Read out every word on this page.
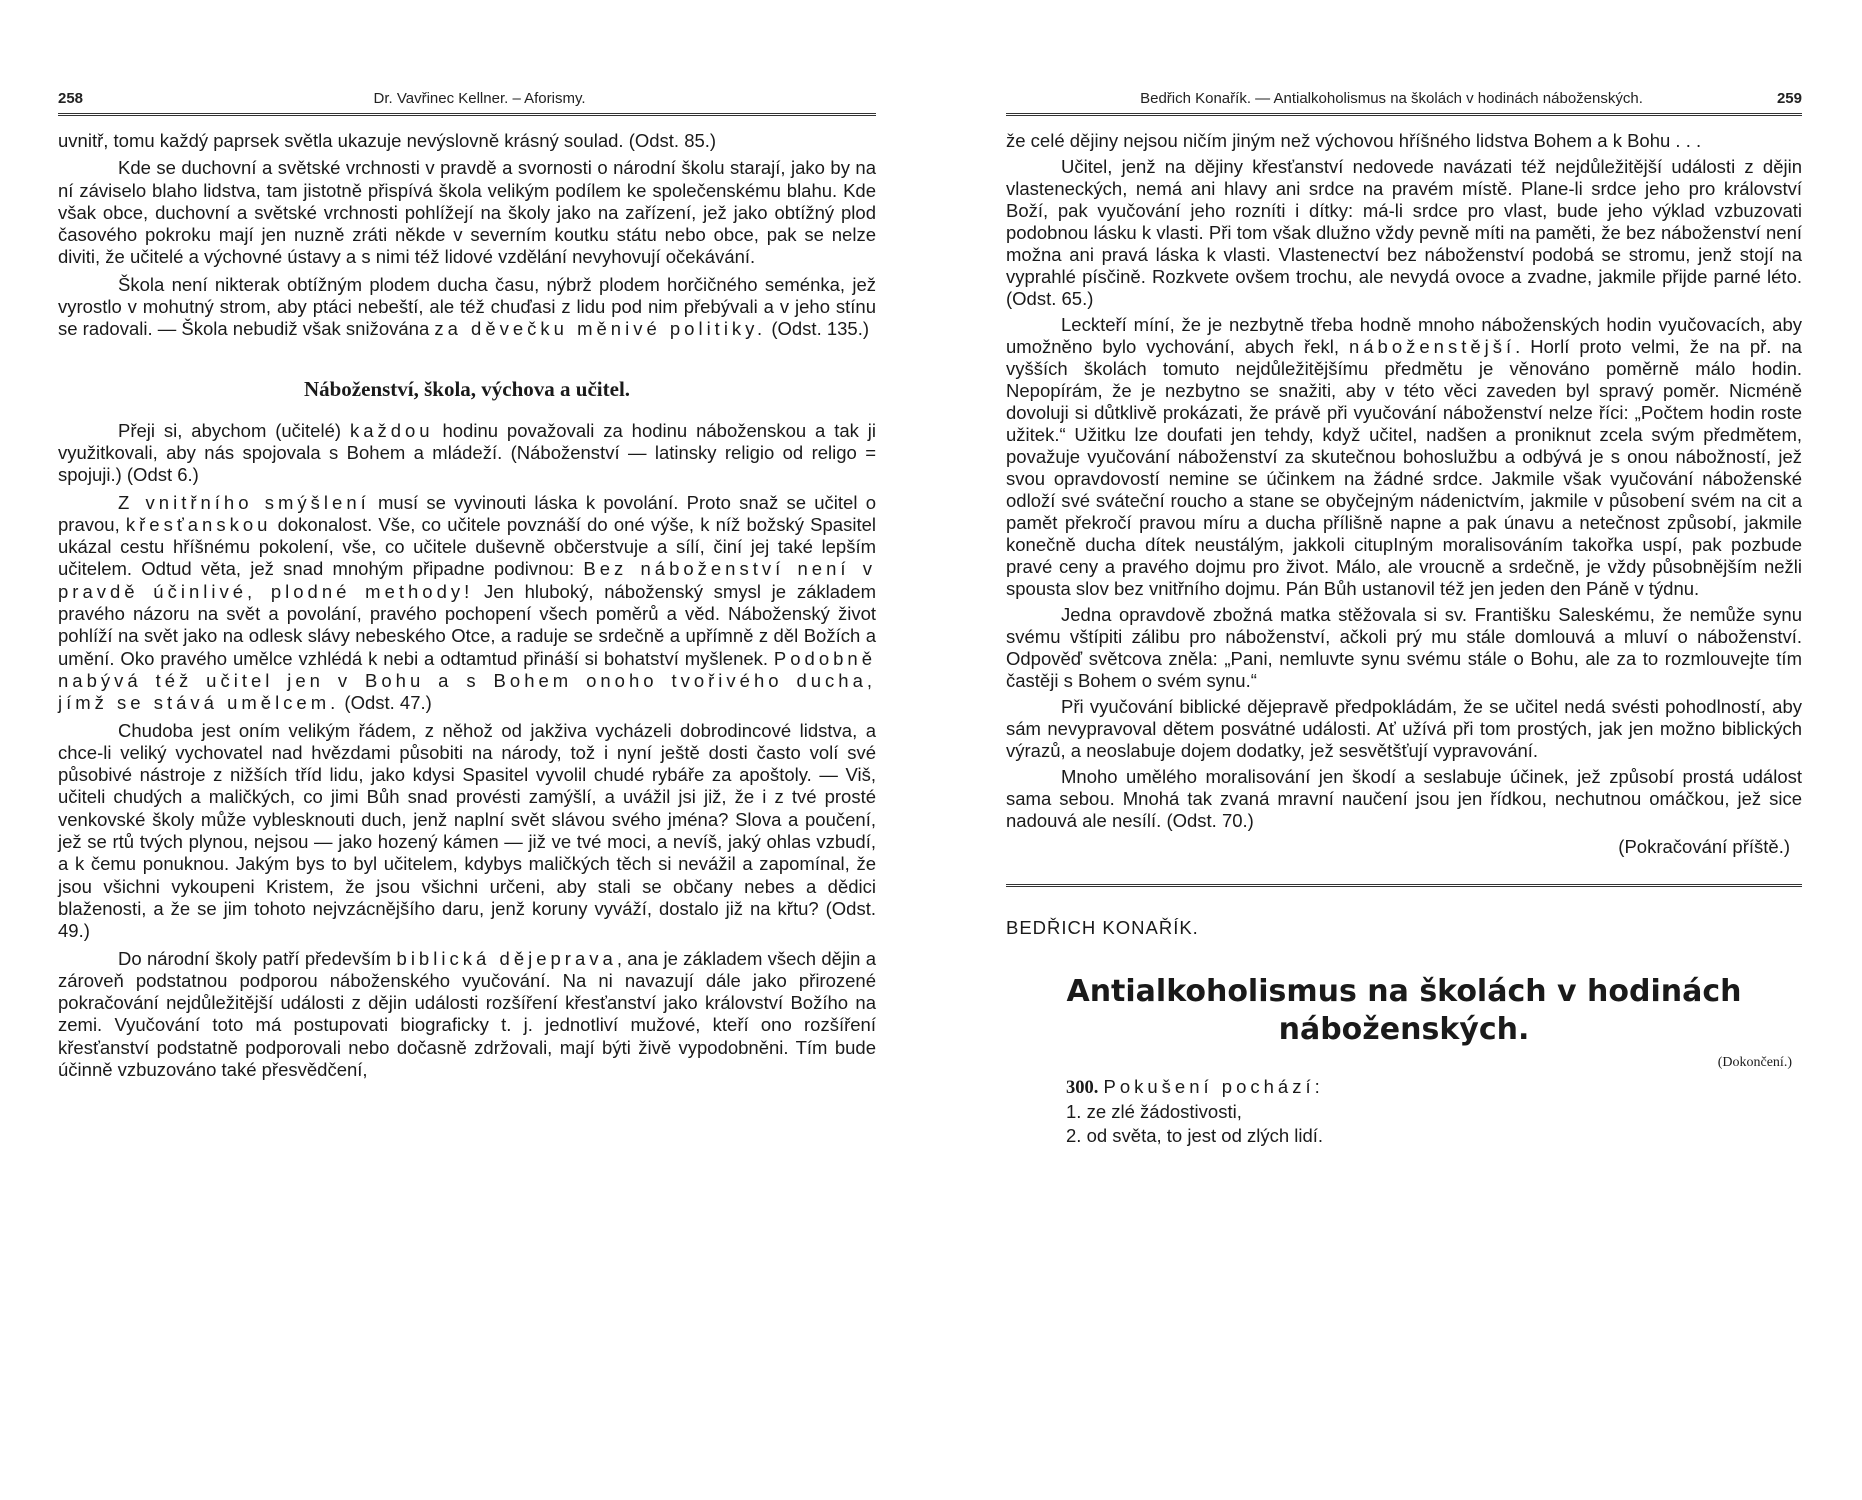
258	Dr. Vavřinec Kellner. – Aforismy.

uvnitř, tomu každý paprsek světla ukazuje nevýslovně krásný soulad. (Odst. 85.)

Kde se duchovní a světské vrchnosti v pravdě a svornosti o národní školu starají, jako by na ní záviselo blaho lidstva, tam jistotně přispívá škola velikým podílem ke společenskému blahu. Kde však obce, duchovní a světské vrchnosti pohlížejí na školy jako na zařízení, jež jako obtížný plod časového pokroku mají jen nuzně zráti někde v severním koutku státu nebo obce, pak se nelze diviti, že učitelé a výchovné ústavy a s nimi též lidové vzdělání nevyhovují očekávání.

Škola není nikterak obtížným plodem ducha času, nýbrž plodem horčičného seménka, jež vyrostlo v mohutný strom, aby ptáci nebeští, ale též chuďasi z lidu pod nim přebývali a v jeho stínu se radovali. — Škola nebudiž však snižována za děvečku měnivé politiky. (Odst. 135.)

Náboženství, škola, výchova a učitel.

Přeji si, abychom (učitelé) každou hodinu považovali za hodinu náboženskou a tak ji využitkovali, aby nás spojovala s Bohem a mládeží. (Náboženství — latinsky religio od religo = spojuji.) (Odst 6.)

Z vnitřního smýšlení musí se vyvinouti láska k povolání. Proto snaž se učitel o pravou, křesťanskou dokonalost. Vše, co učitele povznáší do oné výše, k níž božský Spasitel ukázal cestu hříšnému pokolení, vše, co učitele duševně občerstvuje a sílí, činí jej také lepším učitelem. Odtud věta, jež snad mnohým připadne podivnou: Bez náboženství není v pravdě účinlivé, plodné methody! Jen hluboký, náboženský smysl je základem pravého názoru na svět a povolání, pravého pochopení všech poměrů a věd. Náboženský život pohlíží na svět jako na odlesk slávy nebeského Otce, a raduje se srdečně a upřímně z děl Božích a umění. Oko pravého umělce vzhlédá k nebi a odtamtud přináší si bohatství myšlenek. Podobně nabývá též učitel jen v Bohu a s Bohem onoho tvořivého ducha, jímž se stává umělcem. (Odst. 47.)

Chudoba jest oním velikým řádem, z něhož od jakživa vycházeli dobrodincové lidstva, a chce-li veliký vychovatel nad hvězdami působiti na národy, tož i nyní ještě dosti často volí své působivé nástroje z nižších tříd lidu, jako kdysi Spasitel vyvolil chudé rybáře za apoštoly. — Viš, učiteli chudých a maličkých, co jimi Bůh snad provésti zamýšlí, a uvážil jsi již, že i z tvé prosté venkovské školy může vyblesknouti duch, jenž naplní svět slávou svého jména? Slova a poučení, jež se rtů tvých plynou, nejsou — jako hozený kámen — již ve tvé moci, a nevíš, jaký ohlas vzbudí, a k čemu ponuknou. Jakým bys to byl učitelem, kdybys maličkých těch si nevážil a zapomínal, že jsou všichni vykoupeni Kristem, že jsou všichni určeni, aby stali se občany nebes a dědici blaženosti, a že se jim tohoto nejvzácnějšího daru, jenž koruny vyváží, dostalo již na křtu? (Odst. 49.)

Do národní školy patří především biblická dějeprava, ana je základem všech dějin a zároveň podstatnou podporou náboženského vyučování. Na ni navazují dále jako přirozené pokračování nejdůležitější události z dějin události rozšíření křesťanství jako království Božího na zemi. Vyučování toto má postupovati biograficky t. j. jednotliví mužové, kteří ono rozšíření křesťanství podstatně podporovali nebo dočasně zdržovali, mají býti živě vypodobněni. Tím bude účinně vzbuzováno také přesvědčení,

Bedřich Konařík. — Antialkoholismus na školách v hodinách náboženských.	259

že celé dějiny nejsou ničím jiným než výchovou hříšného lidstva Bohem a k Bohu . . .

Učitel, jenž na dějiny křesťanství nedovede navázati též nejdůležitější události z dějin vlasteneckých, nemá ani hlavy ani srdce na pravém místě. Plane-li srdce jeho pro království Boží, pak vyučování jeho rozníti i dítky: má-li srdce pro vlast, bude jeho výklad vzbuzovati podobnou lásku k vlasti. Při tom však dlužno vždy pevně míti na paměti, že bez náboženství není možna ani pravá láska k vlasti. Vlastenectví bez náboženství podobá se stromu, jenž stojí na vyprahlé písčině. Rozkvete ovšem trochu, ale nevydá ovoce a zvadne, jakmile přijde parné léto. (Odst. 65.)

Leckteří míní, že je nezbytně třeba hodně mnoho náboženských hodin vyučovacích, aby umožněno bylo vychování, abych řekl, náboženstější. Horlí proto velmi, že na př. na vyšších školách tomuto nejdůležitějšímu předmětu je věnováno poměrně málo hodin. Nepopírám, že je nezbytno se snažiti, aby v této věci zaveden byl spravý poměr. Nicméně dovoluji si důtklivě prokázati, že právě při vyučování náboženství nelze říci: „Počtem hodin roste užitek.“ Užitku lze doufati jen tehdy, když učitel, nadšen a proniknut zcela svým předmětem, považuje vyučování náboženství za skutečnou bohoslužbu a odbývá je s onou nábožností, jež svou opravdovostí nemine se účinkem na žádné srdce. Jakmile však vyučování náboženské odloží své sváteční roucho a stane se obyčejným nádenictvím, jakmile v působení svém na cit a pamět překročí pravou míru a ducha přílišně napne a pak únavu a netečnost způsobí, jakmile konečně ducha dítek neustálým, jakkoli citupIným moralisováním takořka uspí, pak pozbude pravé ceny a pravého dojmu pro život. Málo, ale vroucně a srdečně, je vždy působnějším nežli spousta slov bez vnitřního dojmu. Pán Bůh ustanovil též jen jeden den Páně v týdnu.

Jedna opravdově zbožná matka stěžovala si sv. Františku Saleskému, že nemůže synu svému vštípiti zálibu pro náboženství, ačkoli prý mu stále domlouvá a mluví o náboženství. Odpověď světcova zněla: „Pani, nemluvte synu svému stále o Bohu, ale za to rozmlouvejte tím častěji s Bohem o svém synu.“

Při vyučování biblické dějepravě předpokládám, že se učitel nedá svésti pohodlností, aby sám nevypravoval dětem posvátné události. Ať užívá při tom prostých, jak jen možno biblických výrazů, a neoslabuje dojem dodatky, jež sesvětšťují vypravování.

Mnoho umělého moralisování jen škodí a seslabuje účinek, jež způsobí prostá událost sama sebou. Mnohá tak zvaná mravní naučení jsou jen řídkou, nechutnou omáčkou, jež sice nadouvá ale nesílí. (Odst. 70.)

(Pokračování příště.)
BEDŘICH KONAŘÍK.
Antialkoholismus na školách v hodinách náboženských.
(Dokončení.)
300. Pokušení pochází:
1. ze zlé žádostivosti,
2. od světa, to jest od zlých lidí.
